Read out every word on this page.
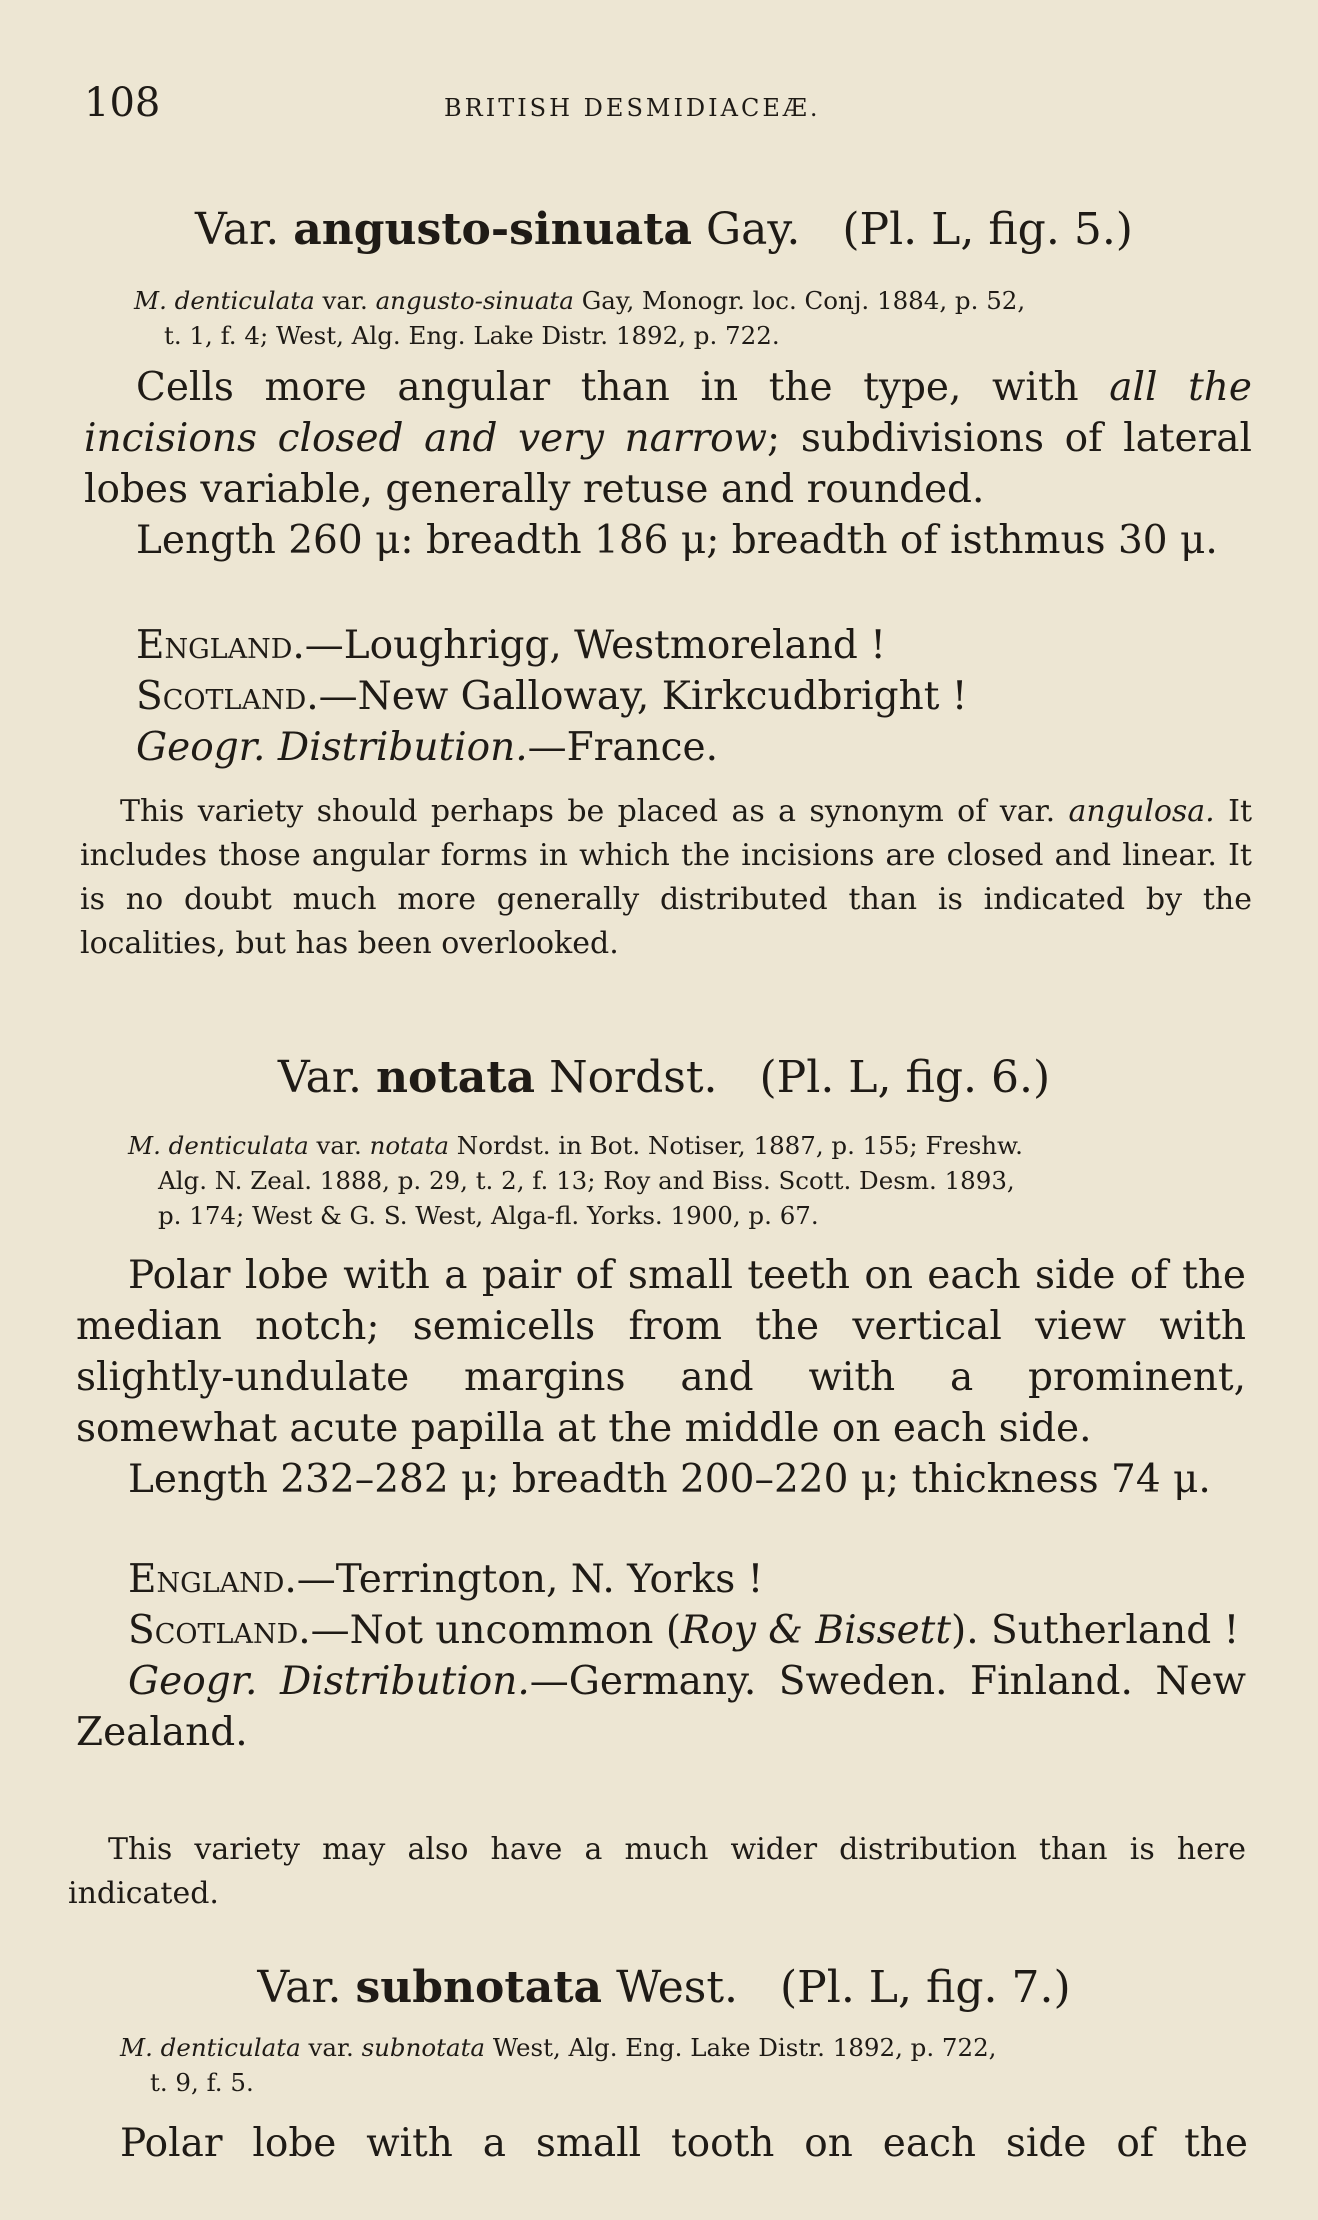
108	BRITISH DESMIDIACEÆ.
Var. angusto-sinuata Gay. (Pl. L, fig. 5.)
M. denticulata var. angusto-sinuata Gay, Monogr. loc. Conj. 1884, p. 52,
t. 1, f. 4; West, Alg. Eng. Lake Distr. 1892, p. 722.

Cells more angular than in the type, with all the incisions closed and very narrow; subdivisions of lateral lobes variable, generally retuse and rounded.

Length 260 μ: breadth 186 μ; breadth of isthmus 30 μ.

England.—Loughrigg, Westmoreland !

Scotland.—New Galloway, Kirkcudbright !

Geogr. Distribution.—France.

This variety should perhaps be placed as a synonym of var. angulosa. It includes those angular forms in which the incisions are closed and linear. It is no doubt much more generally distributed than is indicated by the localities, but has been overlooked.

Var. notata Nordst. (Pl. L, fig. 6.)
M. denticulata var. notata Nordst. in Bot. Notiser, 1887, p. 155; Freshw.
Alg. N. Zeal. 1888, p. 29, t. 2, f. 13; Roy and Biss. Scott. Desm. 1893,
p. 174; West & G. S. West, Alga-fl. Yorks. 1900, p. 67.

Polar lobe with a pair of small teeth on each side of the median notch; semicells from the vertical view with slightly-undulate margins and with a prominent, somewhat acute papilla at the middle on each side.

Length 232–282 μ; breadth 200–220 μ; thickness 74 μ.

England.—Terrington, N. Yorks !

Scotland.—Not uncommon (Roy & Bissett). Sutherland !

Geogr. Distribution.—Germany. Sweden. Finland. New Zealand.

This variety may also have a much wider distribution than is here indicated.

Var. subnotata West. (Pl. L, fig. 7.)
M. denticulata var. subnotata West, Alg. Eng. Lake Distr. 1892, p. 722,
t. 9, f. 5.

Polar lobe with a small tooth on each side of the
